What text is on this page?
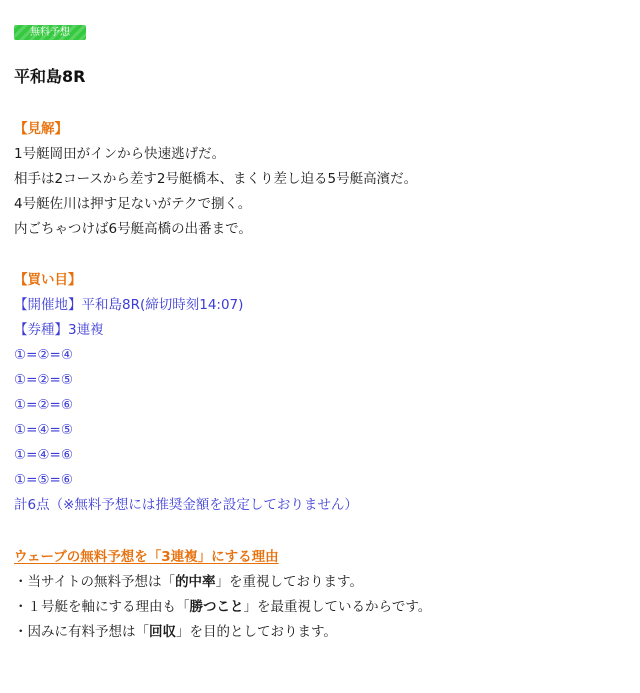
無料予想
平和島8R
【見解】
1号艇岡田がインから快速逃げだ。
相手は2コースから差す2号艇橋本、まくり差し迫る5号艇高濱だ。
4号艇佐川は押す足ないがテクで捌く。
内ごちゃつけば6号艇高橋の出番まで。
【買い目】
【開催地】平和島8R(締切時刻14:07)
【券種】3連複
①=②=④
①=②=⑤
①=②=⑥
①=④=⑤
①=④=⑥
①=⑤=⑥
計6点（※無料予想には推奨金額を設定しておりません）
ウェーブの無料予想を「3連複」にする理由
・当サイトの無料予想は「的中率」を重視しております。
・１号艇を軸にする理由も「勝つこと」を最重視しているからです。
・因みに有料予想は「回収」を目的としております。
